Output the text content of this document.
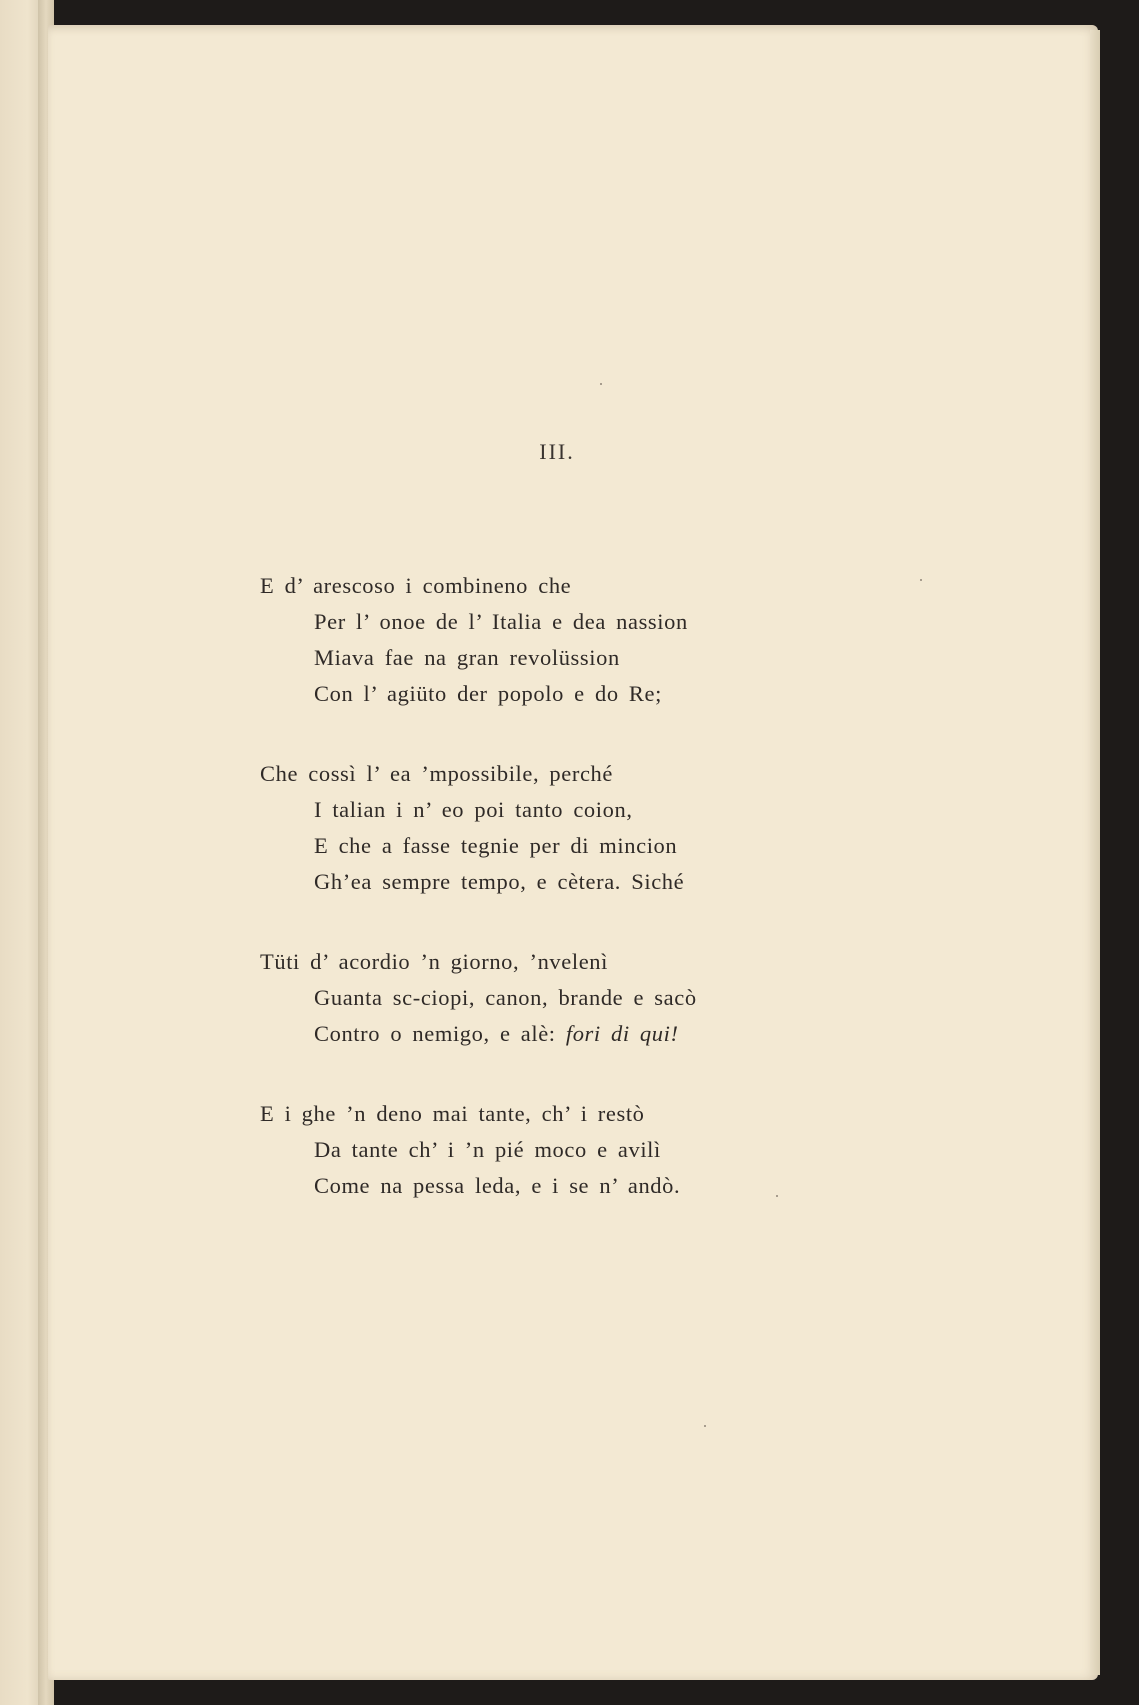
III.
E d’ arescoso i combineno che
Per l’ onoe de l’ Italia e dea nassion
Miava fae na gran revolüssion
Con l’ agiüto der popolo e do Re;
Che cossì l’ ea ’mpossibile, perché
I talian i n’ eo poi tanto coion,
E che a fasse tegnie per di mincion
Gh’ea sempre tempo, e cètera. Siché
Tüti d’ acordio ’n giorno, ’nvelenì
Guanta sc-ciopi, canon, brande e sacò
Contro o nemigo, e alè: fori di qui!
E i ghe ’n deno mai tante, ch’ i restò
Da tante ch’ i ’n pié moco e avilì
Come na pessa leda, e i se n’ andò.
